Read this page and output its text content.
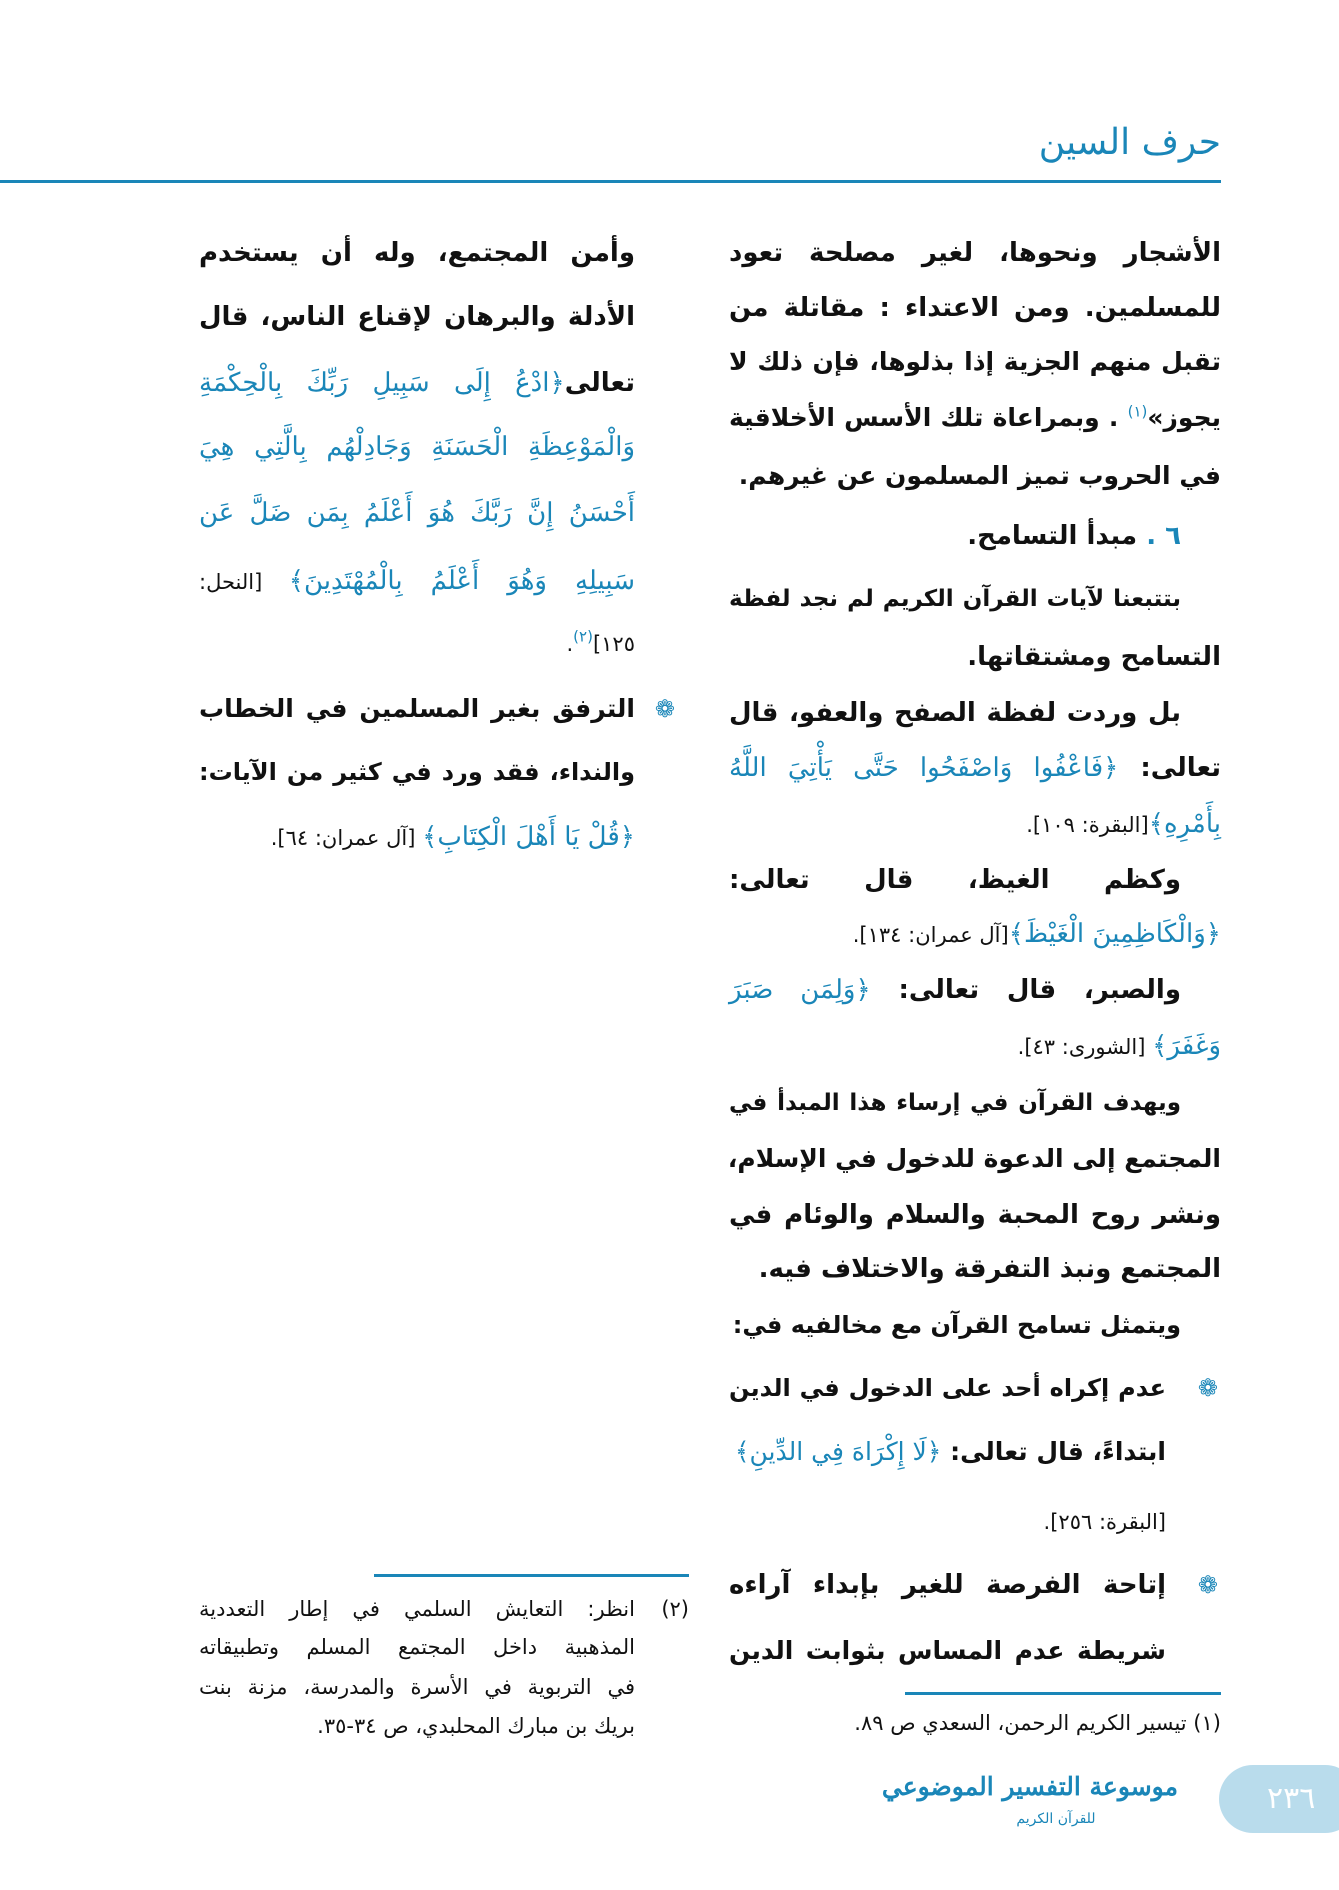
حرف السين
الأشجار ونحوها، لغير مصلحة تعود
للمسلمين. ومن الاعتداء : مقاتلة من
تقبل منهم الجزية إذا بذلوها، فإن ذلك لا
يجوز»$^{(١)}$ . وبمراعاة تلك الأسس الأخلاقية
في الحروب تميز المسلمون عن غيرهم.
٦ . مبدأ التسامح.
بتتبعنا لآيات القرآن الكريم لم نجد لفظة
التسامح ومشتقاتها.
بل وردت لفظة الصفح والعفو، قال
تعالى: ﴿فَاعْفُوا وَاصْفَحُوا حَتَّى يَأْتِيَ اللَّهُ
بِأَمْرِهِ﴾[البقرة: ١٠٩].
وكظم الغيظ، قال تعالى:
﴿وَالْكَاظِمِينَ الْغَيْظَ﴾[آل عمران: ١٣٤].
والصبر، قال تعالى: ﴿وَلِمَن صَبَرَ
وَغَفَرَ﴾ [الشورى: ٤٣].
ويهدف القرآن في إرساء هذا المبدأ في
المجتمع إلى الدعوة للدخول في الإسلام،
ونشر روح المحبة والسلام والوئام في
المجتمع ونبذ التفرقة والاختلاف فيه.
ويتمثل تسامح القرآن مع مخالفيه في:
❁
عدم إكراه أحد على الدخول في الدين
ابتداءً، قال تعالى: ﴿لَا إِكْرَاهَ فِي الدِّينِ﴾
[البقرة: ٢٥٦].
❁
إتاحة الفرصة للغير بإبداء آراءه
شريطة عدم المساس بثوابت الدين
وأمن المجتمع، وله أن يستخدم
الأدلة والبرهان لإقناع الناس، قال
تعالى﴿ادْعُ إِلَى سَبِيلِ رَبِّكَ بِالْحِكْمَةِ
وَالْمَوْعِظَةِ الْحَسَنَةِ وَجَادِلْهُم بِالَّتِي هِيَ
أَحْسَنُ إِنَّ رَبَّكَ هُوَ أَعْلَمُ بِمَن ضَلَّ عَن
سَبِيلِهِ وَهُوَ أَعْلَمُ بِالْمُهْتَدِينَ﴾ [النحل:
١٢٥]$^{(٢)}$.
❁
الترفق بغير المسلمين في الخطاب
والنداء، فقد ورد في كثير من الآيات:
﴿قُلْ يَا أَهْلَ الْكِتَابِ﴾ [آل عمران: ٦٤].
(١) تيسير الكريم الرحمن، السعدي ص ٨٩.
(٢)
انظر: التعايش السلمي في إطار التعددية
المذهبية داخل المجتمع المسلم وتطبيقاته
في التربوية في الأسرة والمدرسة، مزنة بنت
بريك بن مبارك المحلبدي، ص ٣٤-٣٥.
موسوعة التفسير الموضوعي
للقرآن الكريم
٢٣٦
